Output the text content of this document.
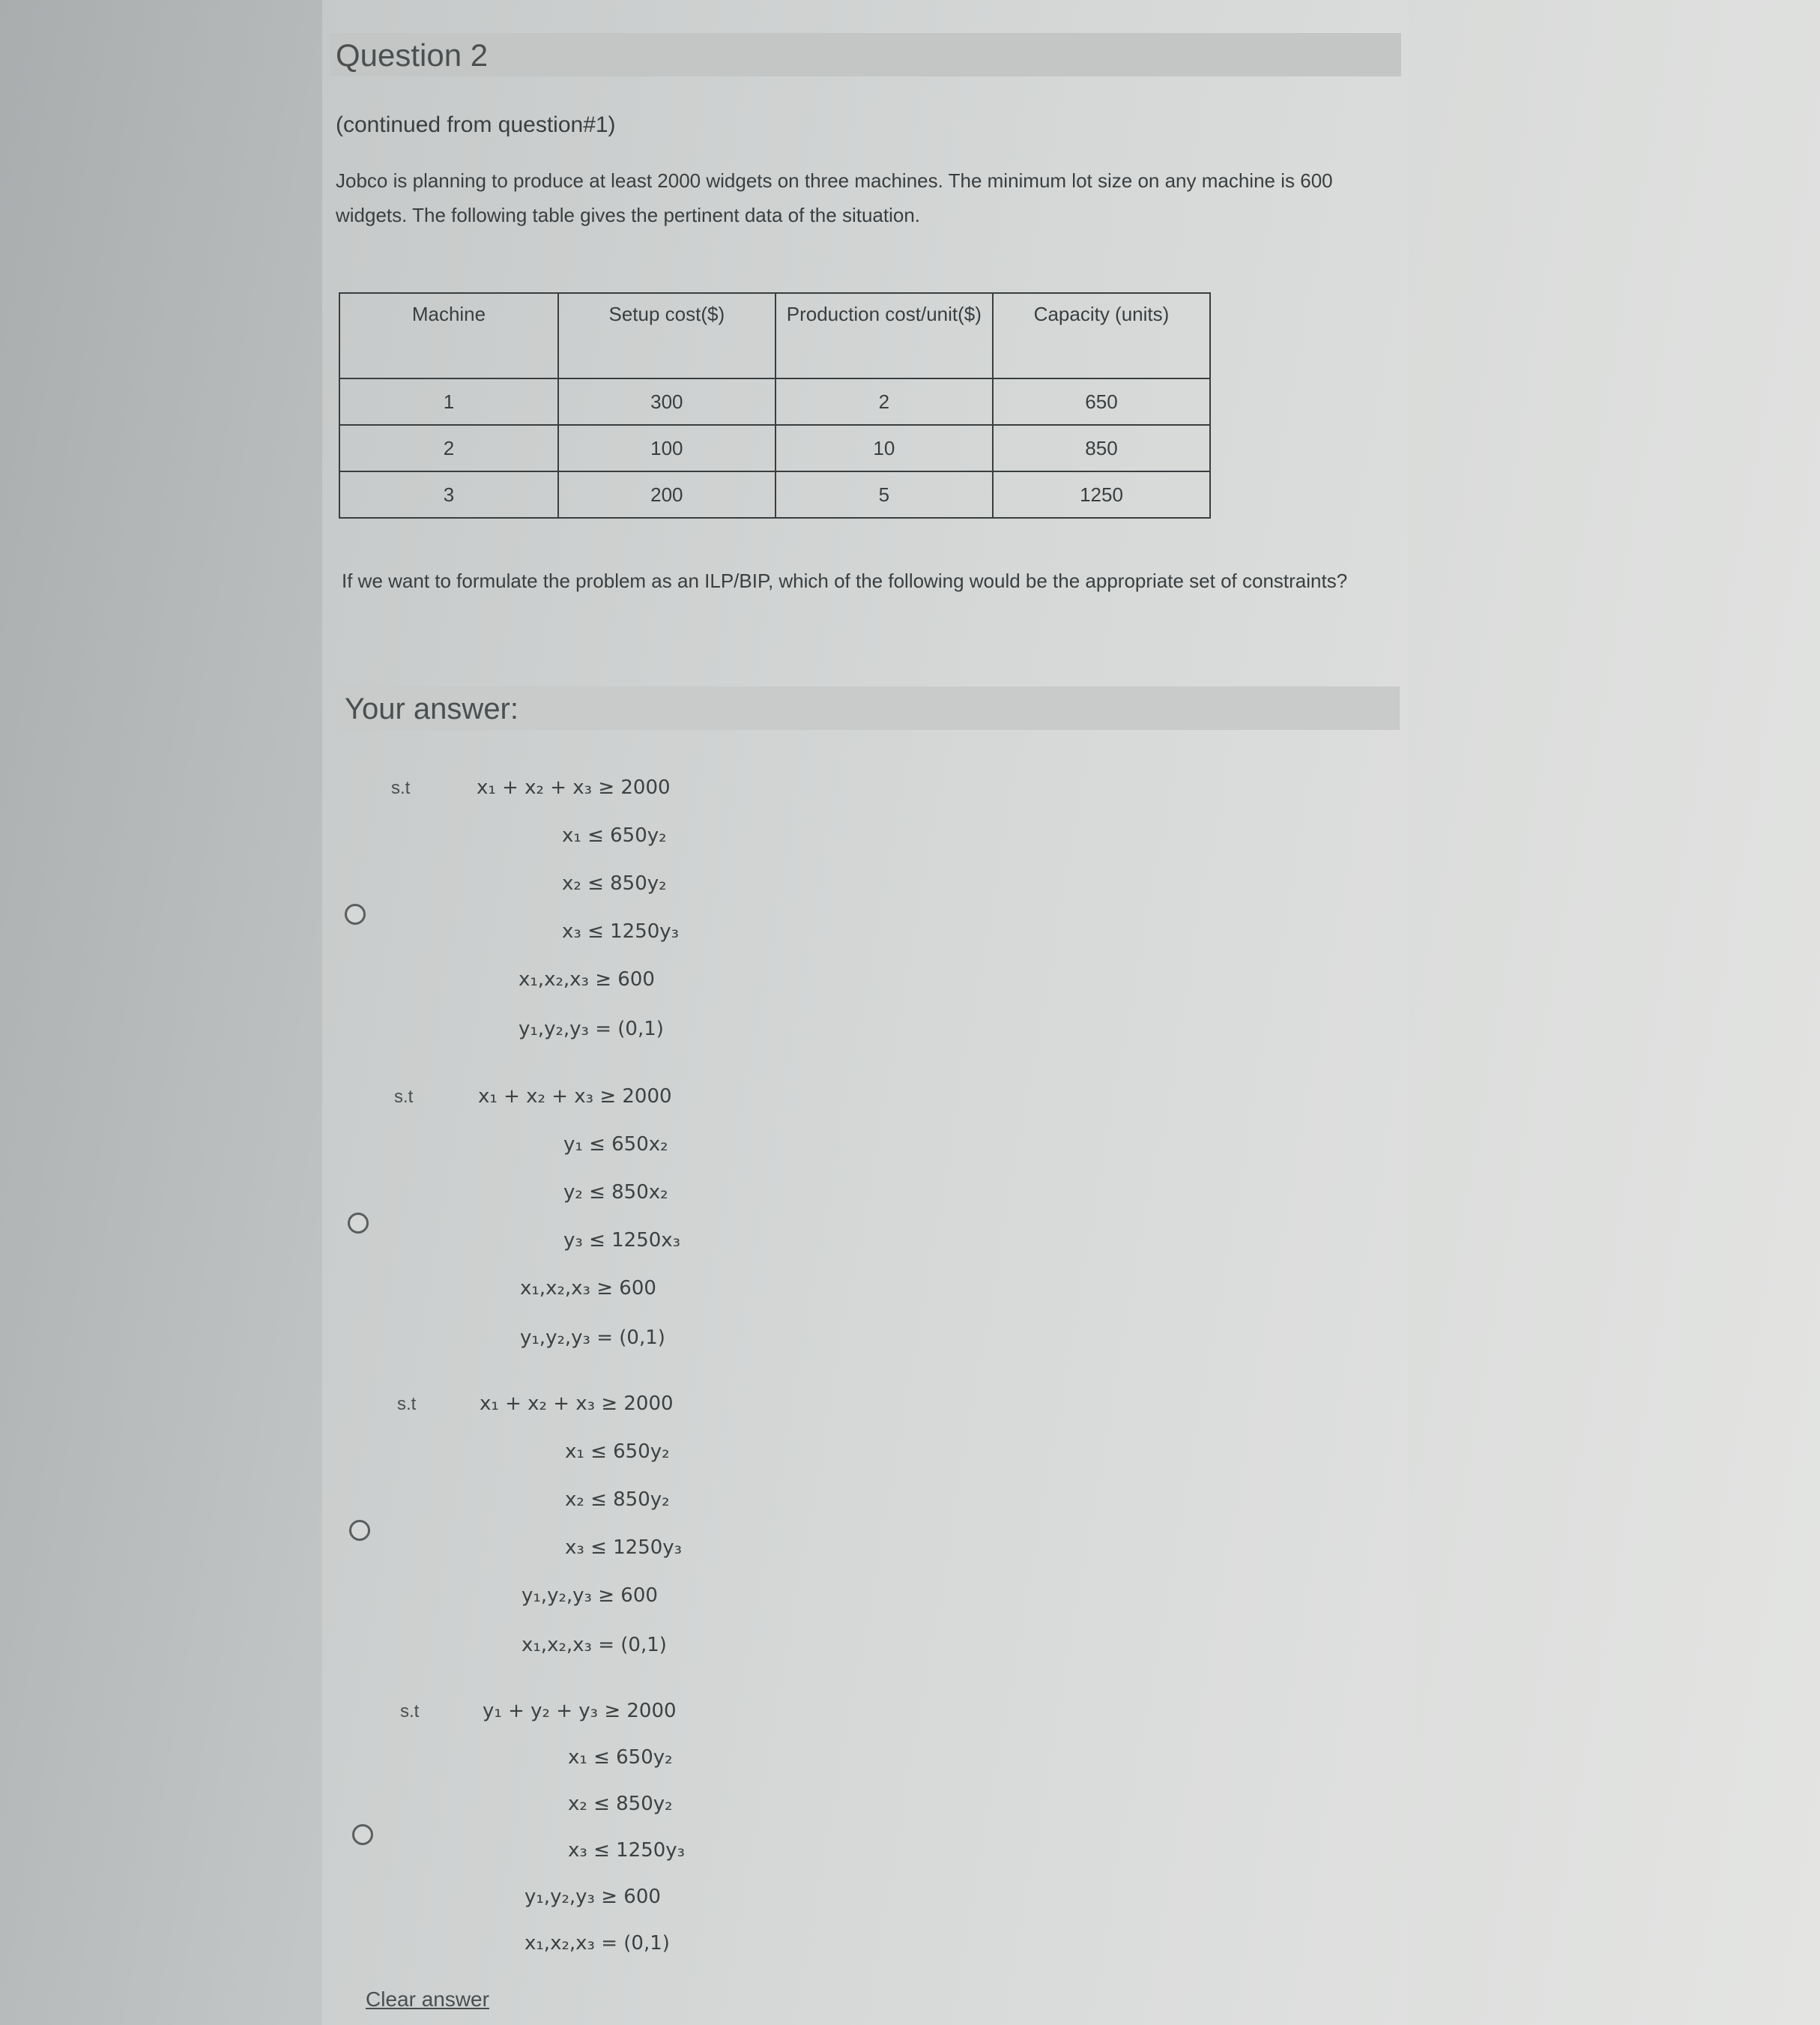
Question 2
(continued from question#1)
Jobco is planning to produce at least 2000 widgets on three machines. The minimum lot size on any machine is 600 widgets. The following table gives the pertinent data of the situation.
Machine	Setup cost($)	Production cost/unit($)	Capacity (units)
1	300	2	650
2	100	10	850
3	200	5	1250
If we want to formulate the problem as an ILP/BIP, which of the following would be the appropriate set of constraints?
Your answer:
s.t	x₁ + x₂ + x₃ ≥ 2000
x₁ ≤ 650y₂
x₂ ≤ 850y₂
x₃ ≤ 1250y₃
x₁,x₂,x₃ ≥ 600
y₁,y₂,y₃ = (0,1)
s.t	x₁ + x₂ + x₃ ≥ 2000
y₁ ≤ 650x₂
y₂ ≤ 850x₂
y₃ ≤ 1250x₃
x₁,x₂,x₃ ≥ 600
y₁,y₂,y₃ = (0,1)
s.t	x₁ + x₂ + x₃ ≥ 2000
x₁ ≤ 650y₂
x₂ ≤ 850y₂
x₃ ≤ 1250y₃
y₁,y₂,y₃ ≥ 600
x₁,x₂,x₃ = (0,1)
s.t	y₁ + y₂ + y₃ ≥ 2000
x₁ ≤ 650y₂
x₂ ≤ 850y₂
x₃ ≤ 1250y₃
y₁,y₂,y₃ ≥ 600
x₁,x₂,x₃ = (0,1)
Clear answer
